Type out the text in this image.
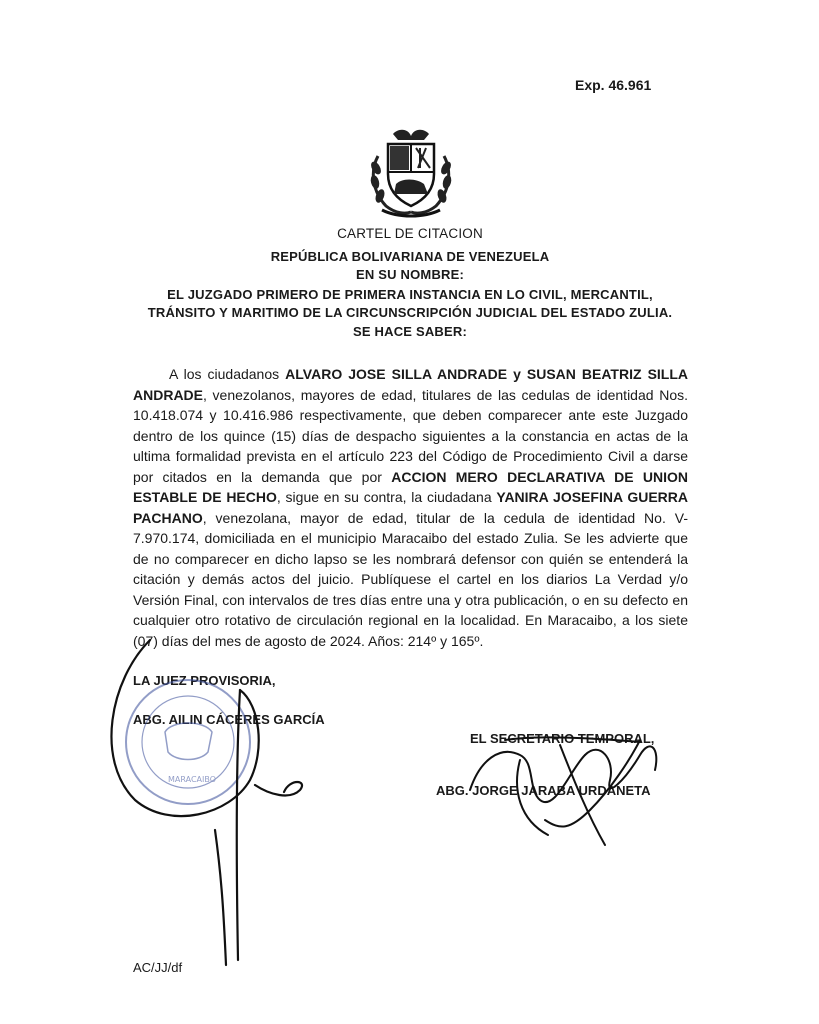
Exp. 46.961
CARTEL DE CITACION
REPÚBLICA BOLIVARIANA DE VENEZUELA
EN SU NOMBRE:
EL JUZGADO PRIMERO DE PRIMERA INSTANCIA EN LO CIVIL, MERCANTIL,
TRÁNSITO Y MARITIMO DE LA CIRCUNSCRIPCIÓN JUDICIAL DEL ESTADO ZULIA.
SE HACE SABER:
A los ciudadanos ALVARO JOSE SILLA ANDRADE y SUSAN BEATRIZ SILLA ANDRADE, venezolanos, mayores de edad, titulares de las cedulas de identidad Nos. 10.418.074 y 10.416.986 respectivamente, que deben comparecer ante este Juzgado dentro de los quince (15) días de despacho siguientes a la constancia en actas de la ultima formalidad prevista en el artículo 223 del Código de Procedimiento Civil a darse por citados en la demanda que por ACCION MERO DECLARATIVA DE UNION ESTABLE DE HECHO, sigue en su contra, la ciudadana YANIRA JOSEFINA GUERRA PACHANO, venezolana, mayor de edad, titular de la cedula de identidad No. V- 7.970.174, domiciliada en el municipio Maracaibo del estado Zulia. Se les advierte que de no comparecer en dicho lapso se les nombrará defensor con quién se entenderá la citación y demás actos del juicio. Publíquese el cartel en los diarios La Verdad y/o Versión Final, con intervalos de tres días entre una y otra publicación, o en su defecto en cualquier otro rotativo de circulación regional en la localidad. En Maracaibo, a los siete (07) días del mes de agosto de 2024. Años: 214º y 165º.
LA JUEZ PROVISORIA,
ABG. AILIN CÁCERES GARCÍA
EL SECRETARIO TEMPORAL,
ABG. JORGE JARABA URDANETA
AC/JJ/df
MARACAIBO
